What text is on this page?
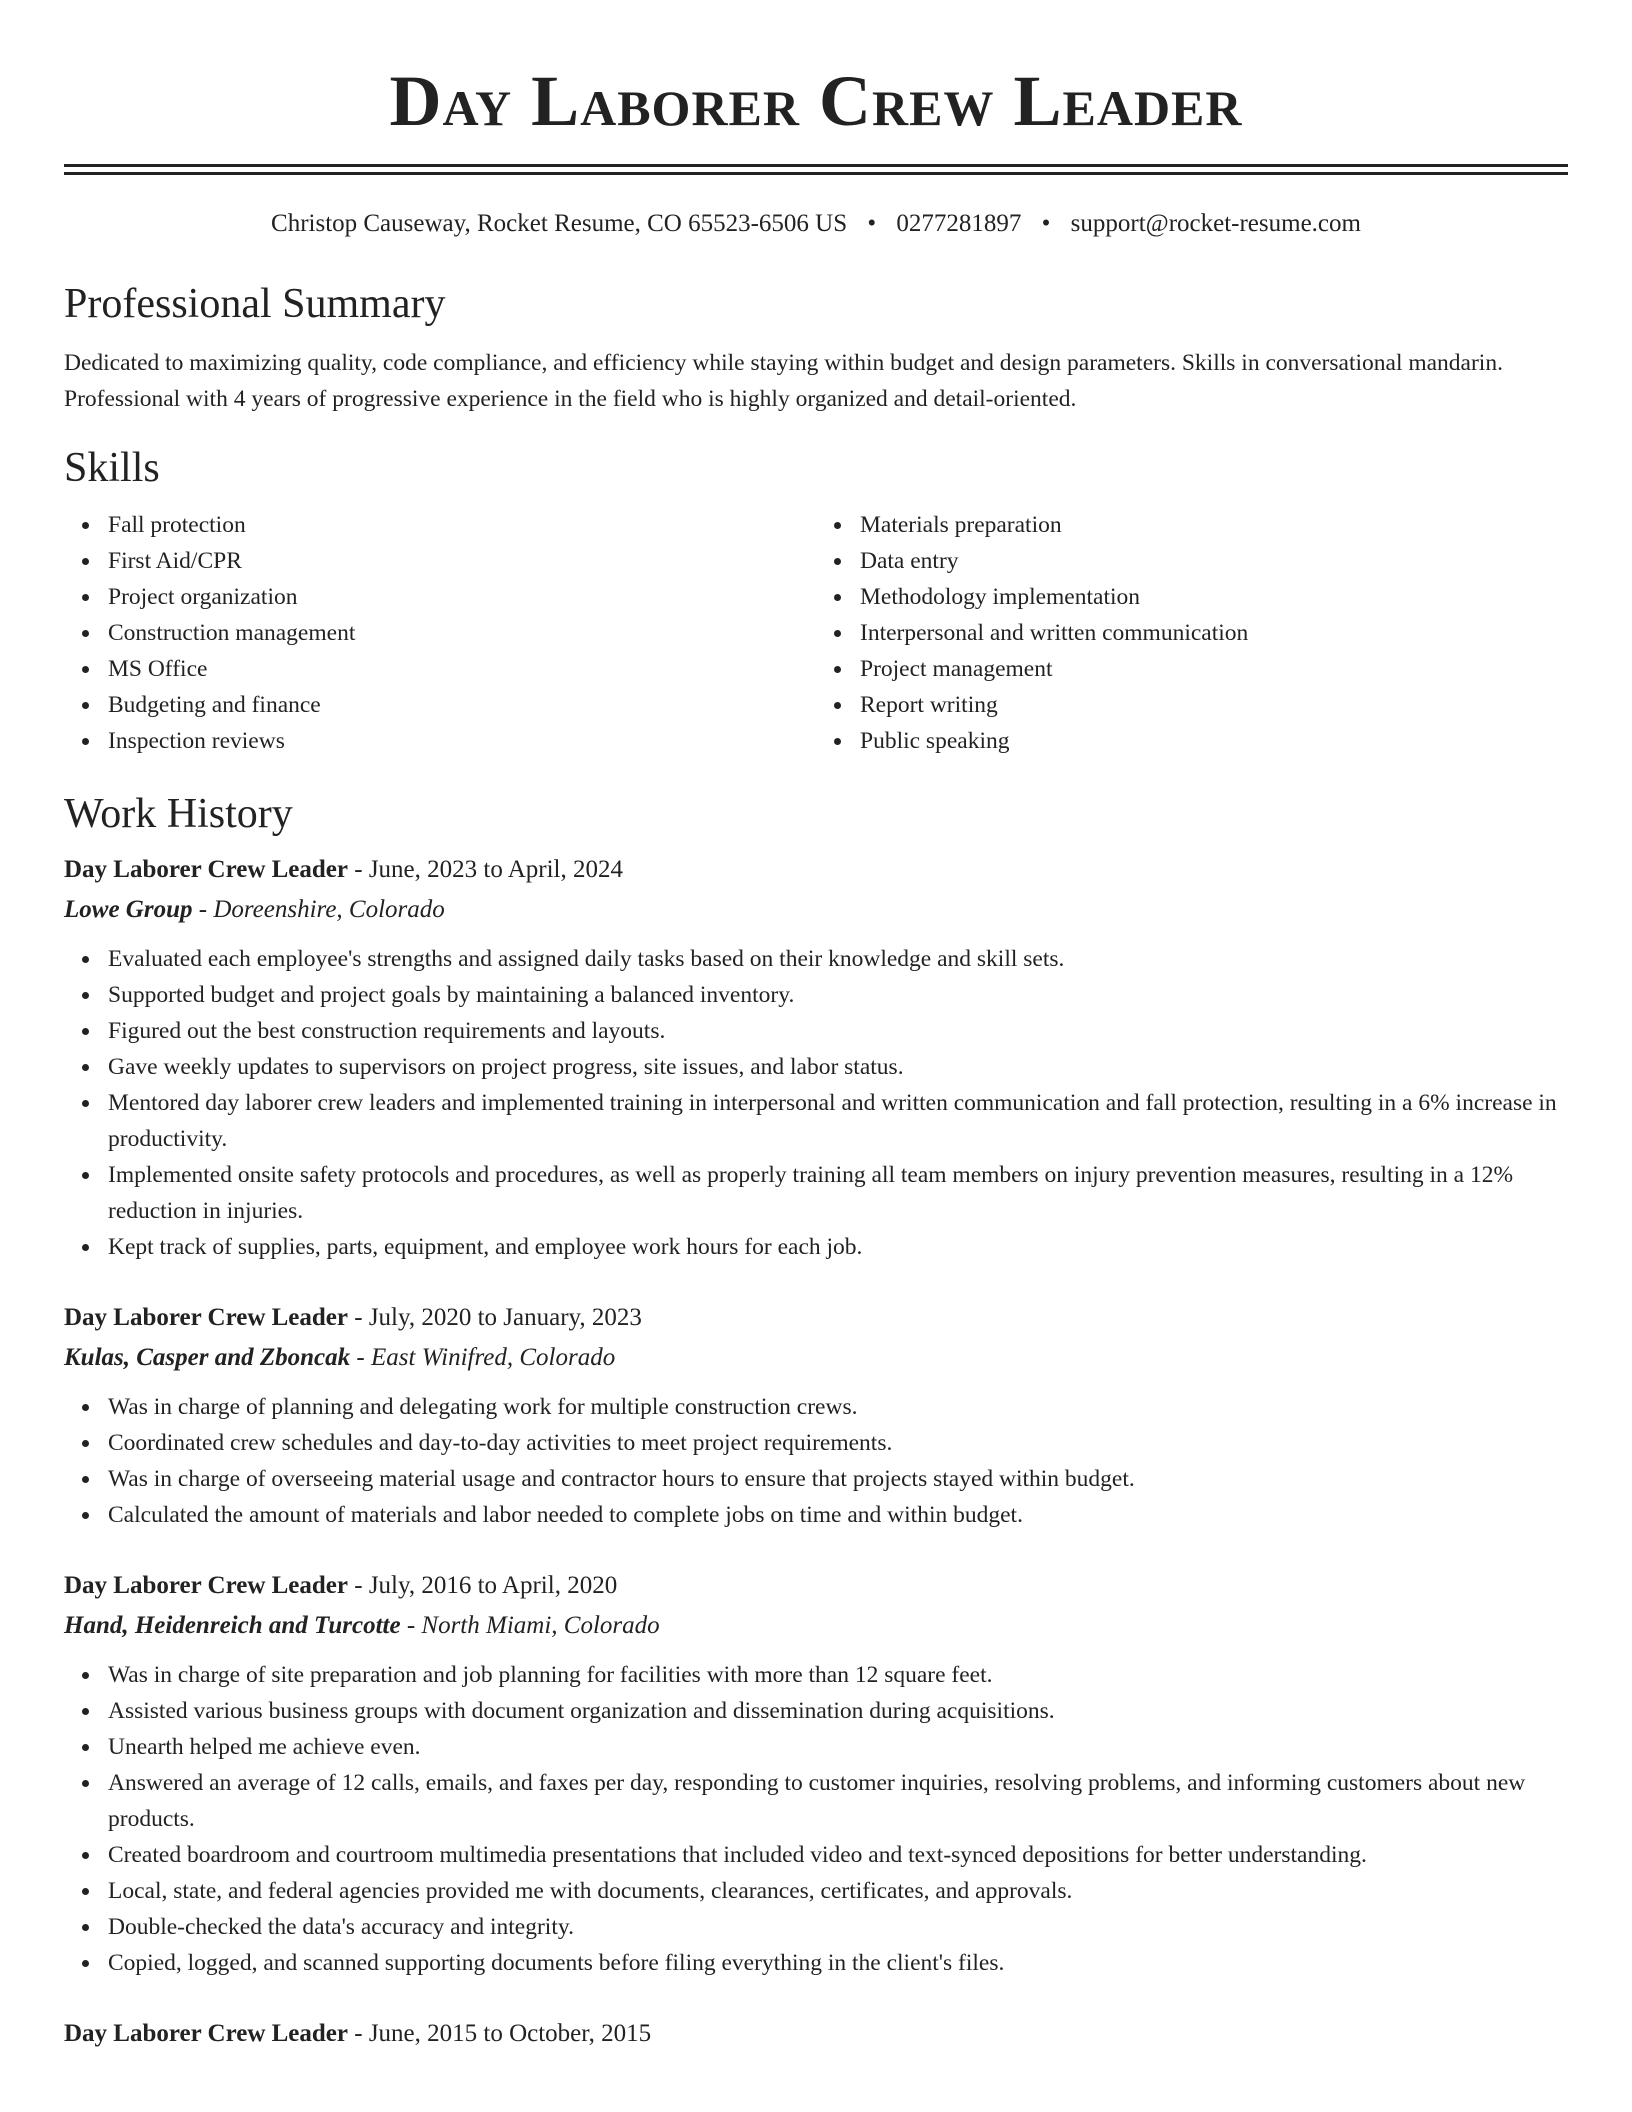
Day Laborer Crew Leader
Christop Causeway, Rocket Resume, CO 65523-6506 US • 0277281897 • support@rocket-resume.com
Professional Summary

Dedicated to maximizing quality, code compliance, and efficiency while staying within budget and design parameters. Skills in conversational mandarin. Professional with 4 years of progressive experience in the field who is highly organized and detail-oriented.

Skills
Fall protection
First Aid/CPR
Project organization
Construction management
MS Office
Budgeting and finance
Inspection reviews
Materials preparation
Data entry
Methodology implementation
Interpersonal and written communication
Project management
Report writing
Public speaking
Work History
Day Laborer Crew Leader - June, 2023 to April, 2024
Lowe Group - Doreenshire, Colorado
Evaluated each employee's strengths and assigned daily tasks based on their knowledge and skill sets.
Supported budget and project goals by maintaining a balanced inventory.
Figured out the best construction requirements and layouts.
Gave weekly updates to supervisors on project progress, site issues, and labor status.
Mentored day laborer crew leaders and implemented training in interpersonal and written communication and fall protection, resulting in a 6% increase in productivity.
Implemented onsite safety protocols and procedures, as well as properly training all team members on injury prevention measures, resulting in a 12% reduction in injuries.
Kept track of supplies, parts, equipment, and employee work hours for each job.
Day Laborer Crew Leader - July, 2020 to January, 2023
Kulas, Casper and Zboncak - East Winifred, Colorado
Was in charge of planning and delegating work for multiple construction crews.
Coordinated crew schedules and day-to-day activities to meet project requirements.
Was in charge of overseeing material usage and contractor hours to ensure that projects stayed within budget.
Calculated the amount of materials and labor needed to complete jobs on time and within budget.
Day Laborer Crew Leader - July, 2016 to April, 2020
Hand, Heidenreich and Turcotte - North Miami, Colorado
Was in charge of site preparation and job planning for facilities with more than 12 square feet.
Assisted various business groups with document organization and dissemination during acquisitions.
Unearth helped me achieve even.
Answered an average of 12 calls, emails, and faxes per day, responding to customer inquiries, resolving problems, and informing customers about new products.
Created boardroom and courtroom multimedia presentations that included video and text-synced depositions for better understanding.
Local, state, and federal agencies provided me with documents, clearances, certificates, and approvals.
Double-checked the data's accuracy and integrity.
Copied, logged, and scanned supporting documents before filing everything in the client's files.
Day Laborer Crew Leader - June, 2015 to October, 2015
